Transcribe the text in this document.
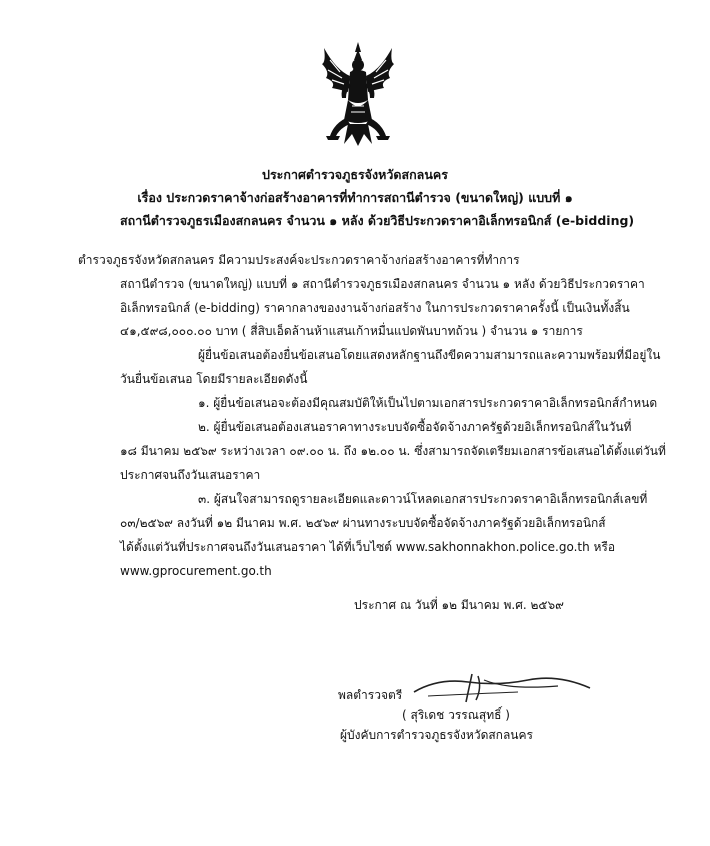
ประกาศตำรวจภูธรจังหวัดสกลนคร
เรื่อง ประกวดราคาจ้างก่อสร้างอาคารที่ทำการสถานีตำรวจ (ขนาดใหญ่) แบบที่ ๑
สถานีตำรวจภูธรเมืองสกลนคร จำนวน ๑ หลัง ด้วยวิธีประกวดราคาอิเล็กทรอนิกส์ (e-bidding)
ตำรวจภูธรจังหวัดสกลนคร มีความประสงค์จะประกวดราคาจ้างก่อสร้างอาคารที่ทำการ
สถานีตำรวจ (ขนาดใหญ่) แบบที่ ๑ สถานีตำรวจภูธรเมืองสกลนคร จำนวน ๑ หลัง ด้วยวิธีประกวดราคา
อิเล็กทรอนิกส์ (e-bidding) ราคากลางของงานจ้างก่อสร้าง ในการประกวดราคาครั้งนี้ เป็นเงินทั้งสิ้น
๔๑,๕๙๘,๐๐๐.๐๐ บาท ( สี่สิบเอ็ดล้านห้าแสนเก้าหมื่นแปดพันบาทถ้วน ) จำนวน ๑ รายการ
ผู้ยื่นข้อเสนอต้องยื่นข้อเสนอโดยแสดงหลักฐานถึงขีดความสามารถและความพร้อมที่มีอยู่ใน
วันยื่นข้อเสนอ โดยมีรายละเอียดดังนี้
๑. ผู้ยื่นข้อเสนอจะต้องมีคุณสมบัติให้เป็นไปตามเอกสารประกวดราคาอิเล็กทรอนิกส์กำหนด
๒. ผู้ยื่นข้อเสนอต้องเสนอราคาทางระบบจัดซื้อจัดจ้างภาครัฐด้วยอิเล็กทรอนิกส์ในวันที่
๑๘ มีนาคม ๒๕๖๙ ระหว่างเวลา ๐๙.๐๐ น. ถึง ๑๒.๐๐ น. ซึ่งสามารถจัดเตรียมเอกสารข้อเสนอได้ตั้งแต่วันที่
ประกาศจนถึงวันเสนอราคา
๓. ผู้สนใจสามารถดูรายละเอียดและดาวน์โหลดเอกสารประกวดราคาอิเล็กทรอนิกส์เลขที่
๐๓/๒๕๖๙ ลงวันที่ ๑๒ มีนาคม พ.ศ. ๒๕๖๙ ผ่านทางระบบจัดซื้อจัดจ้างภาครัฐด้วยอิเล็กทรอนิกส์
ได้ตั้งแต่วันที่ประกาศจนถึงวันเสนอราคา ได้ที่เว็บไซต์ www.sakhonnakhon.police.go.th หรือ
www.gprocurement.go.th
ประกาศ ณ วันที่ ๑๒ มีนาคม พ.ศ. ๒๕๖๙
พลตำรวจตรี
( สุริเดช วรรณสุทธิ์ )
ผู้บังคับการตำรวจภูธรจังหวัดสกลนคร
